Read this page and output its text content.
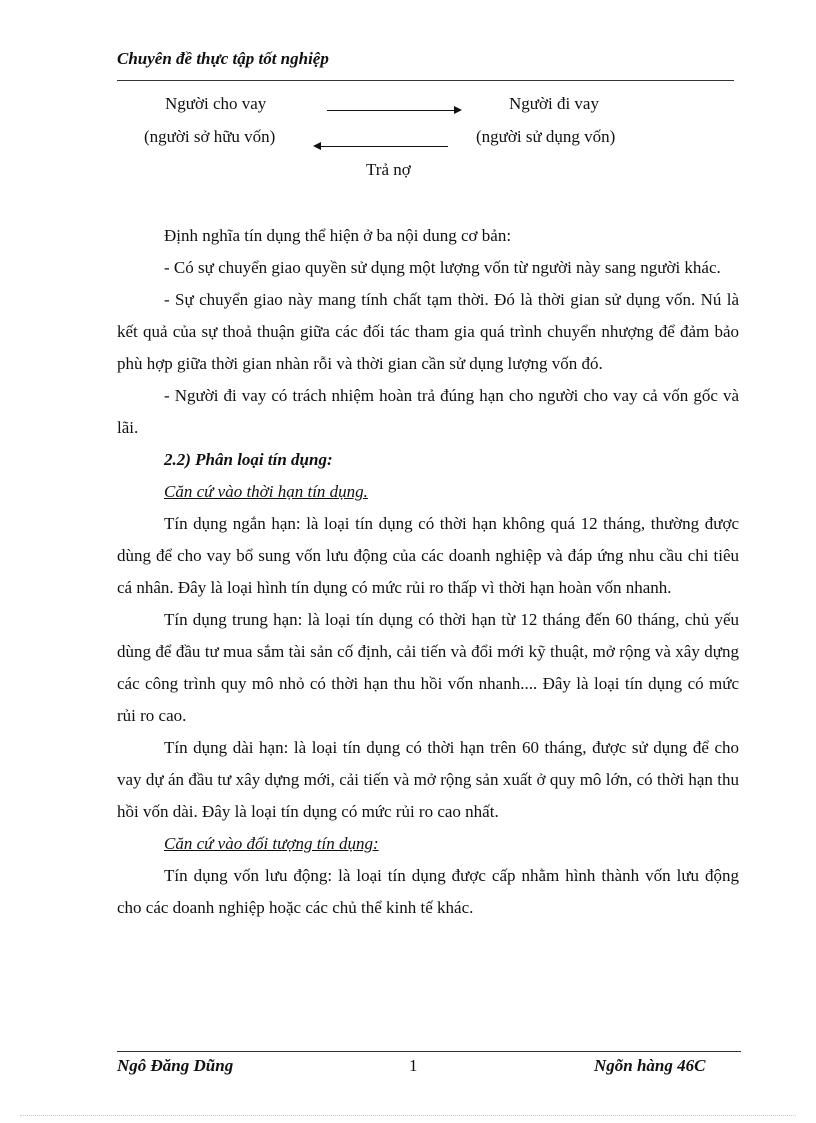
Chuyên đề thực tập tốt nghiệp
Người cho vay
(người sở hữu vốn)
Người đi vay
(người sử dụng vốn)
Trả nợ

Định nghĩa tín dụng thể hiện ở ba nội dung cơ bản:

- Có sự chuyển giao quyền sử dụng một lượng vốn từ người này sang người khác.

- Sự chuyển giao này mang tính chất tạm thời. Đó là thời gian sử dụng vốn. Nú là kết quả của sự thoả thuận giữa các đối tác tham gia quá trình chuyển nhượng để đảm bảo phù hợp giữa thời gian nhàn rỗi và thời gian cần sử dụng lượng vốn đó.

- Người đi vay có trách nhiệm hoàn trả đúng hạn cho người cho vay cả vốn gốc và lãi.

2.2) Phân loại tín dụng:

Căn cứ vào thời hạn tín dụng.

Tín dụng ngắn hạn: là loại tín dụng có thời hạn không quá 12 tháng, thường được dùng để cho vay bổ sung vốn lưu động của các doanh nghiệp và đáp ứng nhu cầu chi tiêu cá nhân. Đây là loại hình tín dụng có mức rủi ro thấp vì thời hạn hoàn vốn nhanh.

Tín dụng trung hạn: là loại tín dụng có thời hạn từ 12 tháng đến 60 tháng, chủ yếu dùng để đầu tư mua sắm tài sản cố định, cải tiến và đổi mới kỹ thuật, mở rộng và xây dựng các công trình quy mô nhỏ có thời hạn thu hồi vốn nhanh.... Đây là loại tín dụng có mức rủi ro cao.

Tín dụng dài hạn: là loại tín dụng có thời hạn trên 60 tháng, được sử dụng để cho vay dự án đầu tư xây dựng mới, cải tiến và mở rộng sản xuất ở quy mô lớn, có thời hạn thu hồi vốn dài. Đây là loại tín dụng có mức rủi ro cao nhất.

Căn cứ vào đối tượng tín dụng:

Tín dụng vốn lưu động: là loại tín dụng được cấp nhằm hình thành vốn lưu động cho các doanh nghiệp hoặc các chủ thể kinh tế khác.

Ngô Đăng Dũng	1	Ngõn hàng 46C
